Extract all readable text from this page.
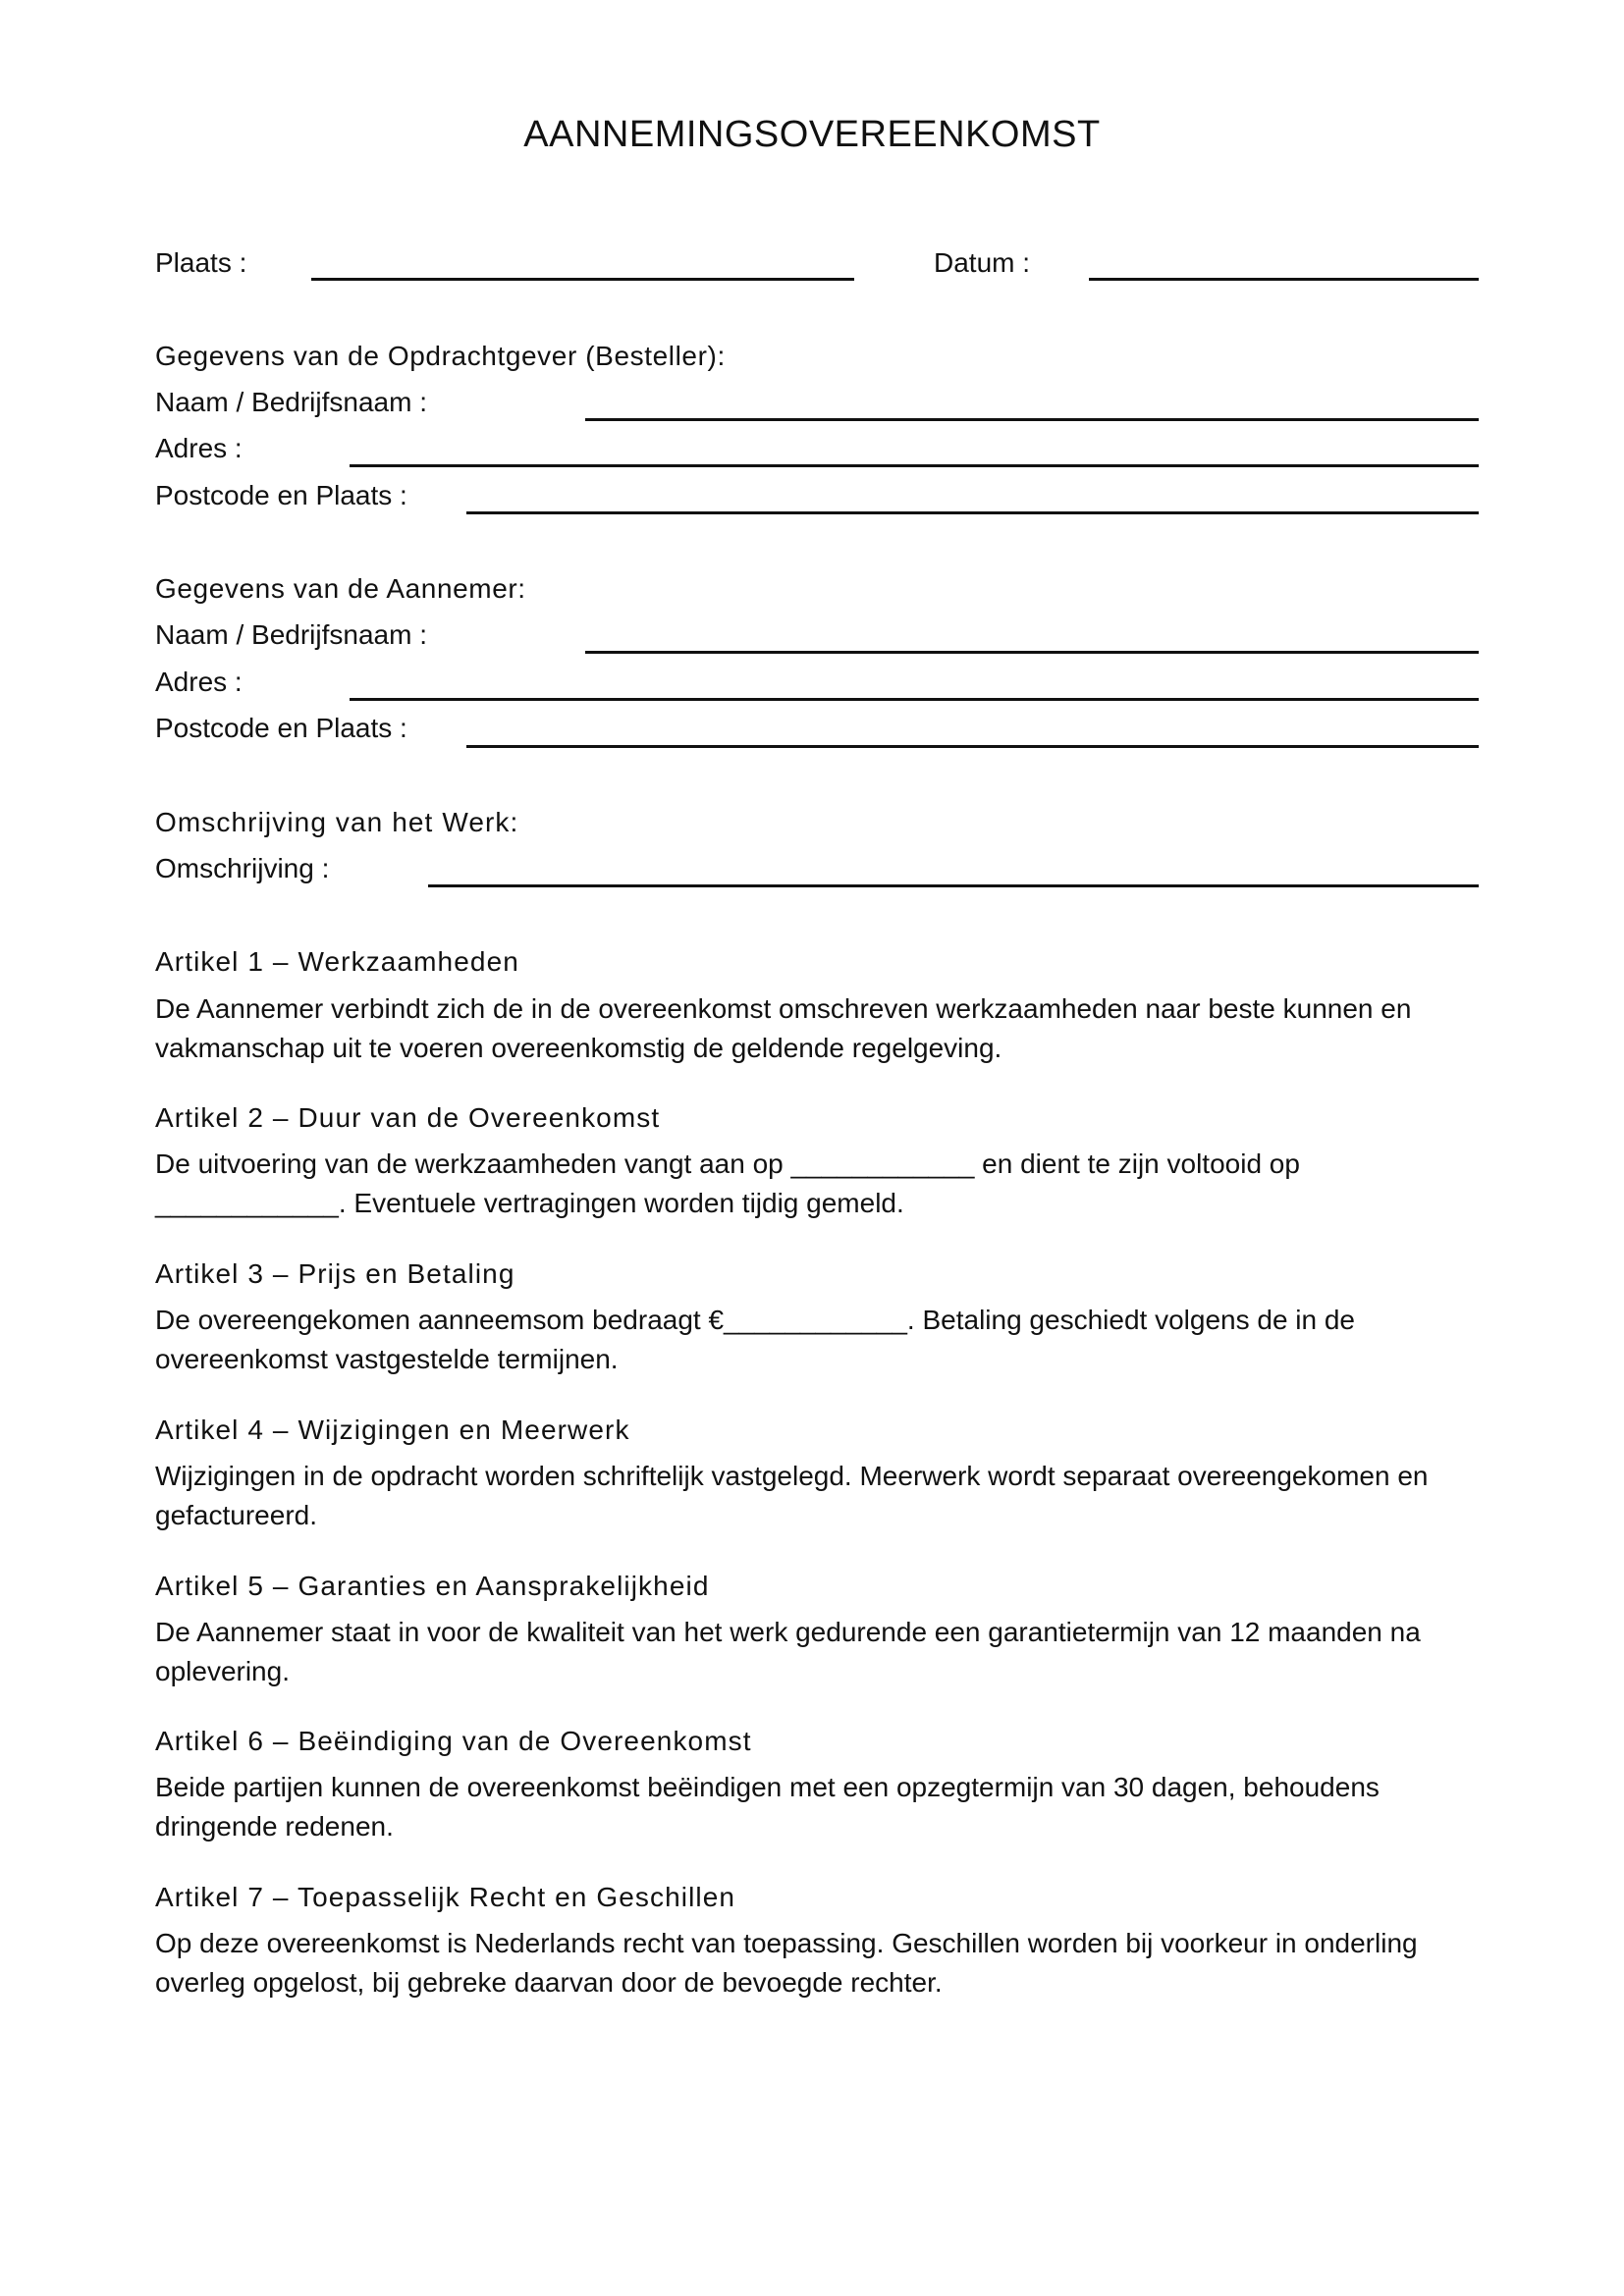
AANNEMINGSOVEREENKOMST
Plaats :	Datum :
Gegevens van de Opdrachtgever (Besteller):
Naam / Bedrijfsnaam :
Adres :
Postcode en Plaats :
Gegevens van de Aannemer:
Naam / Bedrijfsnaam :
Adres :
Postcode en Plaats :
Omschrijving van het Werk:
Omschrijving :
Artikel 1 – Werkzaamheden

De Aannemer verbindt zich de in de overeenkomst omschreven werkzaamheden naar beste kunnen en

vakmanschap uit te voeren overeenkomstig de geldende regelgeving.

Artikel 2 – Duur van de Overeenkomst

De uitvoering van de werkzaamheden vangt aan op ____________ en dient te zijn voltooid op

____________. Eventuele vertragingen worden tijdig gemeld.

Artikel 3 – Prijs en Betaling

De overeengekomen aanneemsom bedraagt €____________. Betaling geschiedt volgens de in de

overeenkomst vastgestelde termijnen.

Artikel 4 – Wijzigingen en Meerwerk

Wijzigingen in de opdracht worden schriftelijk vastgelegd. Meerwerk wordt separaat overeengekomen en

gefactureerd.

Artikel 5 – Garanties en Aansprakelijkheid

De Aannemer staat in voor de kwaliteit van het werk gedurende een garantietermijn van 12 maanden na

oplevering.

Artikel 6 – Beëindiging van de Overeenkomst

Beide partijen kunnen de overeenkomst beëindigen met een opzegtermijn van 30 dagen, behoudens

dringende redenen.

Artikel 7 – Toepasselijk Recht en Geschillen

Op deze overeenkomst is Nederlands recht van toepassing. Geschillen worden bij voorkeur in onderling

overleg opgelost, bij gebreke daarvan door de bevoegde rechter.
